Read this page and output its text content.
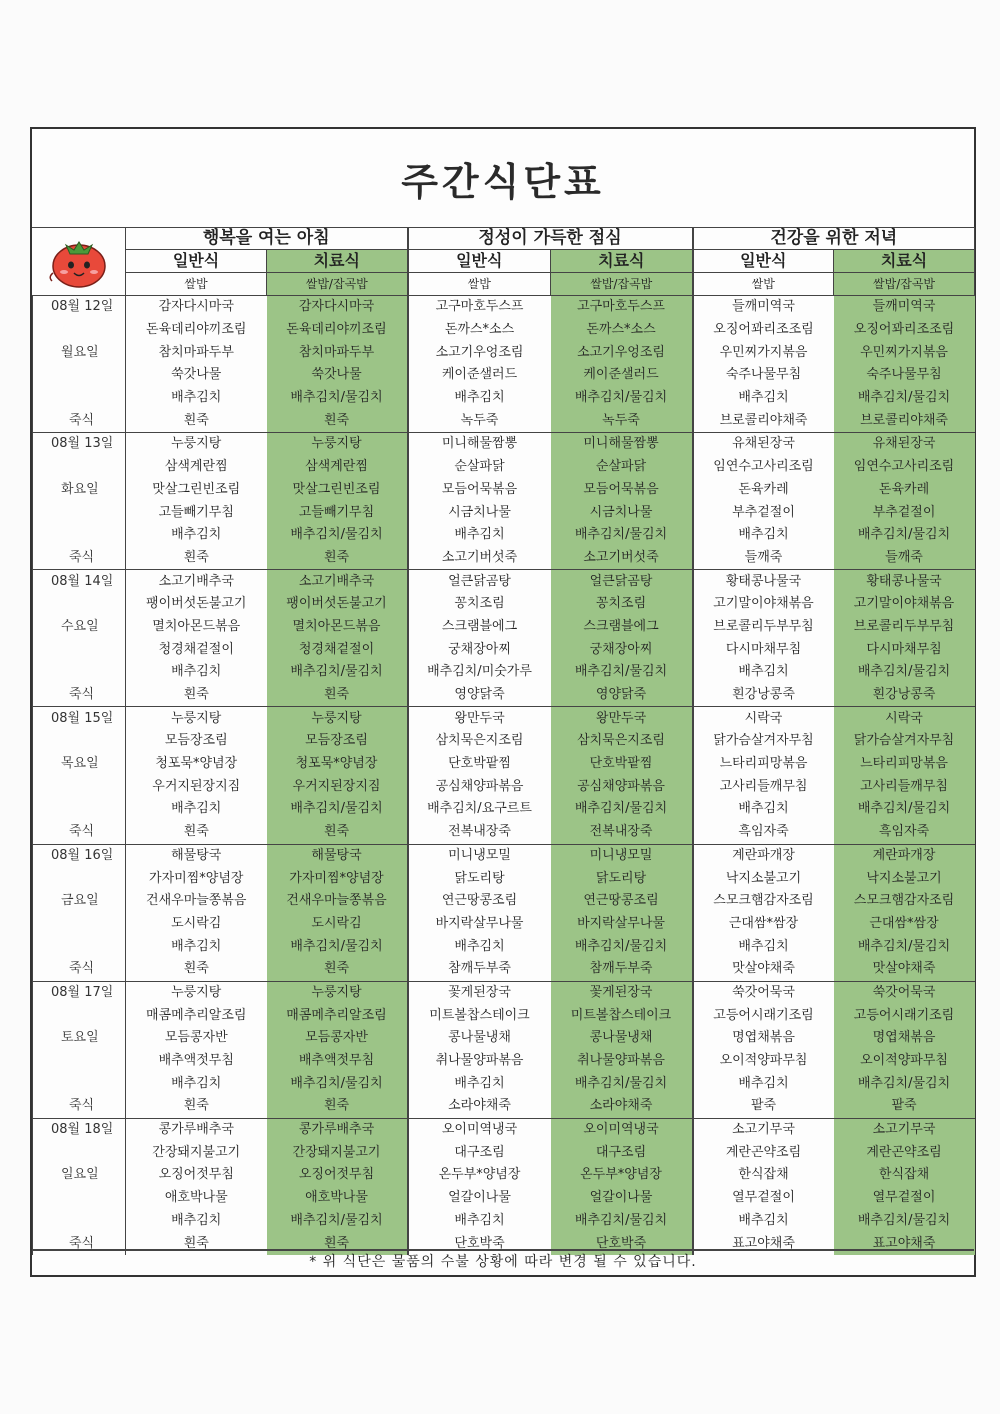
주간식단표
	행복을 여는 아침		정성이 가득한 점심		건강을 위한 저녁	
	일반식	치료식	일반식	치료식	일반식	치료식
	쌀밥	쌀밥/잡곡밥	쌀밥	쌀밥/잡곡밥	쌀밥	쌀밥/잡곡밥
08월 12일	감자다시마국	감자다시마국	고구마호두스프	고구마호두스프	들깨미역국	들깨미역국
	돈육데리야끼조림	돈육데리야끼조림	돈까스*소스	돈까스*소스	오징어꽈리조조림	오징어꽈리조조림
월요일	참치마파두부	참치마파두부	소고기우엉조림	소고기우엉조림	우민찌가지볶음	우민찌가지볶음
	쑥갓나물	쑥갓나물	케이준샐러드	케이준샐러드	숙주나물무침	숙주나물무침
	배추김치	배추김치/물김치	배추김치	배추김치/물김치	배추김치	배추김치/물김치
죽식	흰죽	흰죽	녹두죽	녹두죽	브로콜리야채죽	브로콜리야채죽
08월 13일	누룽지탕	누룽지탕	미니해물짬뽕	미니해물짬뽕	유채된장국	유채된장국
	삼색계란찜	삼색계란찜	순살파닭	순살파닭	임연수고사리조림	임연수고사리조림
화요일	맛살그린빈조림	맛살그린빈조림	모듬어묵볶음	모듬어묵볶음	돈육카레	돈육카레
	고들빼기무침	고들빼기무침	시금치나물	시금치나물	부추겉절이	부추겉절이
	배추김치	배추김치/물김치	배추김치	배추김치/물김치	배추김치	배추김치/물김치
죽식	흰죽	흰죽	소고기버섯죽	소고기버섯죽	들깨죽	들깨죽
08월 14일	소고기배추국	소고기배추국	얼큰닭곰탕	얼큰닭곰탕	황태콩나물국	황태콩나물국
	팽이버섯돈불고기	팽이버섯돈불고기	꽁치조림	꽁치조림	고기말이야채볶음	고기말이야채볶음
수요일	멸치아몬드볶음	멸치아몬드볶음	스크램블에그	스크램블에그	브로콜리두부무침	브로콜리두부무침
	청경채겉절이	청경채겉절이	궁채장아찌	궁채장아찌	다시마채무침	다시마채무침
	배추김치	배추김치/물김치	배추김치/미숫가루	배추김치/물김치	배추김치	배추김치/물김치
죽식	흰죽	흰죽	영양닭죽	영양닭죽	흰강낭콩죽	흰강낭콩죽
08월 15일	누룽지탕	누룽지탕	왕만두국	왕만두국	시락국	시락국
	모듬장조림	모듬장조림	삼치묵은지조림	삼치묵은지조림	닭가슴살겨자무침	닭가슴살겨자무침
목요일	청포묵*양념장	청포묵*양념장	단호박팥찜	단호박팥찜	느타리피망볶음	느타리피망볶음
	우거지된장지짐	우거지된장지짐	공심채양파볶음	공심채양파볶음	고사리들깨무침	고사리들깨무침
	배추김치	배추김치/물김치	배추김치/요구르트	배추김치/물김치	배추김치	배추김치/물김치
죽식	흰죽	흰죽	전복내장죽	전복내장죽	흑임자죽	흑임자죽
08월 16일	해물탕국	해물탕국	미니냉모밀	미니냉모밀	계란파개장	계란파개장
	가자미찜*양념장	가자미찜*양념장	닭도리탕	닭도리탕	낙지소불고기	낙지소불고기
금요일	건새우마늘쫑볶음	건새우마늘쫑볶음	연근땅콩조림	연근땅콩조림	스모크햄감자조림	스모크햄감자조림
	도시락김	도시락김	바지락살무나물	바지락살무나물	근대쌈*쌈장	근대쌈*쌈장
	배추김치	배추김치/물김치	배추김치	배추김치/물김치	배추김치	배추김치/물김치
죽식	흰죽	흰죽	참깨두부죽	참깨두부죽	맛살야채죽	맛살야채죽
08월 17일	누룽지탕	누룽지탕	꽃게된장국	꽃게된장국	쑥갓어묵국	쑥갓어묵국
	매콤메추리알조림	매콤메추리알조림	미트볼찹스테이크	미트볼찹스테이크	고등어시래기조림	고등어시래기조림
토요일	모듬콩자반	모듬콩자반	콩나물냉채	콩나물냉채	명엽채볶음	명엽채볶음
	배추액젓무침	배추액젓무침	취나물양파볶음	취나물양파볶음	오이적양파무침	오이적양파무침
	배추김치	배추김치/물김치	배추김치	배추김치/물김치	배추김치	배추김치/물김치
죽식	흰죽	흰죽	소라야채죽	소라야채죽	팥죽	팥죽
08월 18일	콩가루배추국	콩가루배추국	오이미역냉국	오이미역냉국	소고기무국	소고기무국
	간장돼지불고기	간장돼지불고기	대구조림	대구조림	계란곤약조림	계란곤약조림
일요일	오징어젓무침	오징어젓무침	온두부*양념장	온두부*양념장	한식잡채	한식잡채
	애호박나물	애호박나물	얼갈이나물	얼갈이나물	열무겉절이	열무겉절이
	배추김치	배추김치/물김치	배추김치	배추김치/물김치	배추김치	배추김치/물김치
죽식	흰죽	흰죽	단호박죽	단호박죽	표고야채죽	표고야채죽
* 위 식단은 물품의 수불 상황에 따라 변경 될 수 있습니다.
